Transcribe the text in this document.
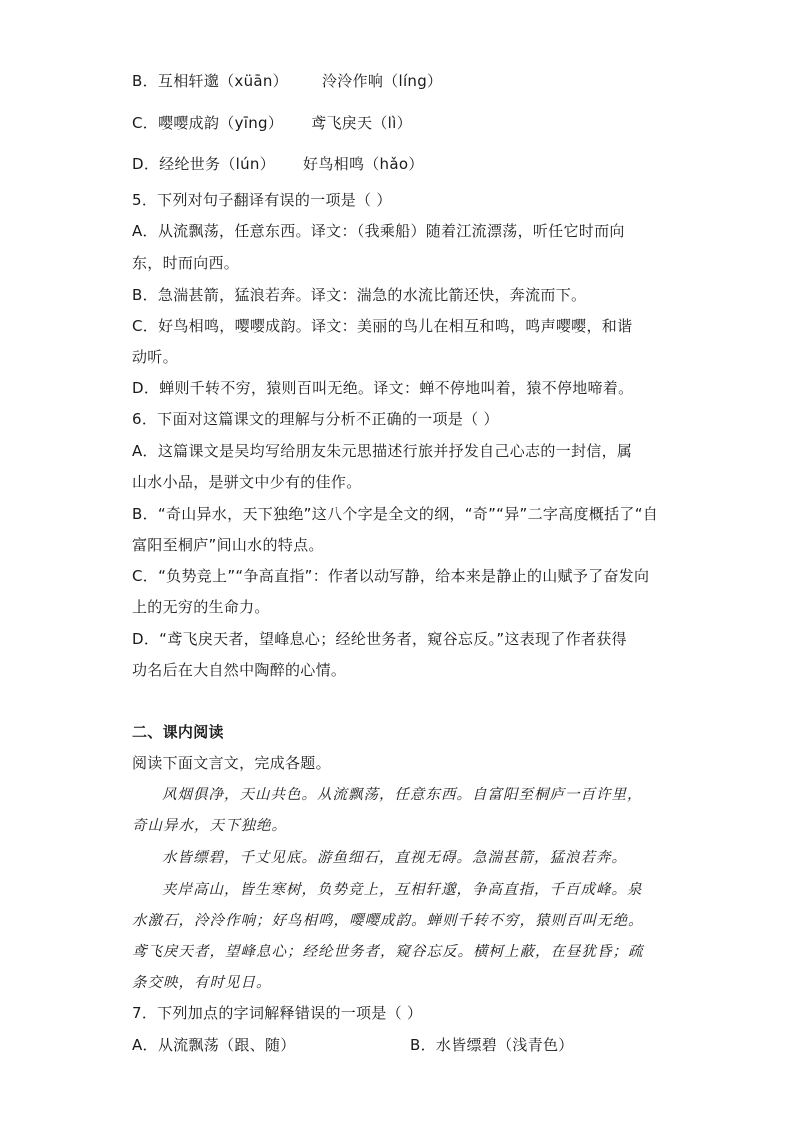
B．互相轩邈（xüān） 泠泠作响（líng）
C．嘤嘤成韵（yīng） 鸢飞戾天（lì）
D．经纶世务（lún） 好鸟相鸣（hǎo）
5．下列对句子翻译有误的一项是（ ）
A．从流飘荡，任意东西。译文：（我乘船）随着江流漂荡，听任它时而向
东，时而向西。
B．急湍甚箭，猛浪若奔。译文：湍急的水流比箭还快，奔流而下。
C．好鸟相鸣，嘤嘤成韵。译文：美丽的鸟儿在相互和鸣，鸣声嘤嘤，和谐
动听。
D．蝉则千转不穷，猿则百叫无绝。译文：蝉不停地叫着，猿不停地啼着。
6．下面对这篇课文的理解与分析不正确的一项是（ ）
A．这篇课文是吴均写给朋友朱元思描述行旅并抒发自己心志的一封信，属
山水小品，是骈文中少有的佳作。
B．“奇山异水，天下独绝”这八个字是全文的纲，“奇”“异”二字高度概括了“自
富阳至桐庐”间山水的特点。
C．“负势竞上”“争高直指”：作者以动写静，给本来是静止的山赋予了奋发向
上的无穷的生命力。
D．“鸢飞戾天者，望峰息心；经纶世务者，窥谷忘反。”这表现了作者获得
功名后在大自然中陶醉的心情。
二、课内阅读
阅读下面文言文，完成各题。
风烟俱净，天山共色。从流飘荡，任意东西。自富阳至桐庐一百许里，
奇山异水，天下独绝。
水皆缥碧，千丈见底。游鱼细石，直视无碍。急湍甚箭，猛浪若奔。
夹岸高山，皆生寒树，负势竞上，互相轩邈，争高直指，千百成峰。泉
水激石，泠泠作响；好鸟相鸣，嘤嘤成韵。蝉则千转不穷，猿则百叫无绝。
鸢飞戾天者，望峰息心；经纶世务者，窥谷忘反。横柯上蔽，在昼犹昏；疏
条交映，有时见日。
7．下列加点的字词解释错误的一项是（ ）
A．从流飘荡（跟、随）	B．水皆缥碧（浅青色）
